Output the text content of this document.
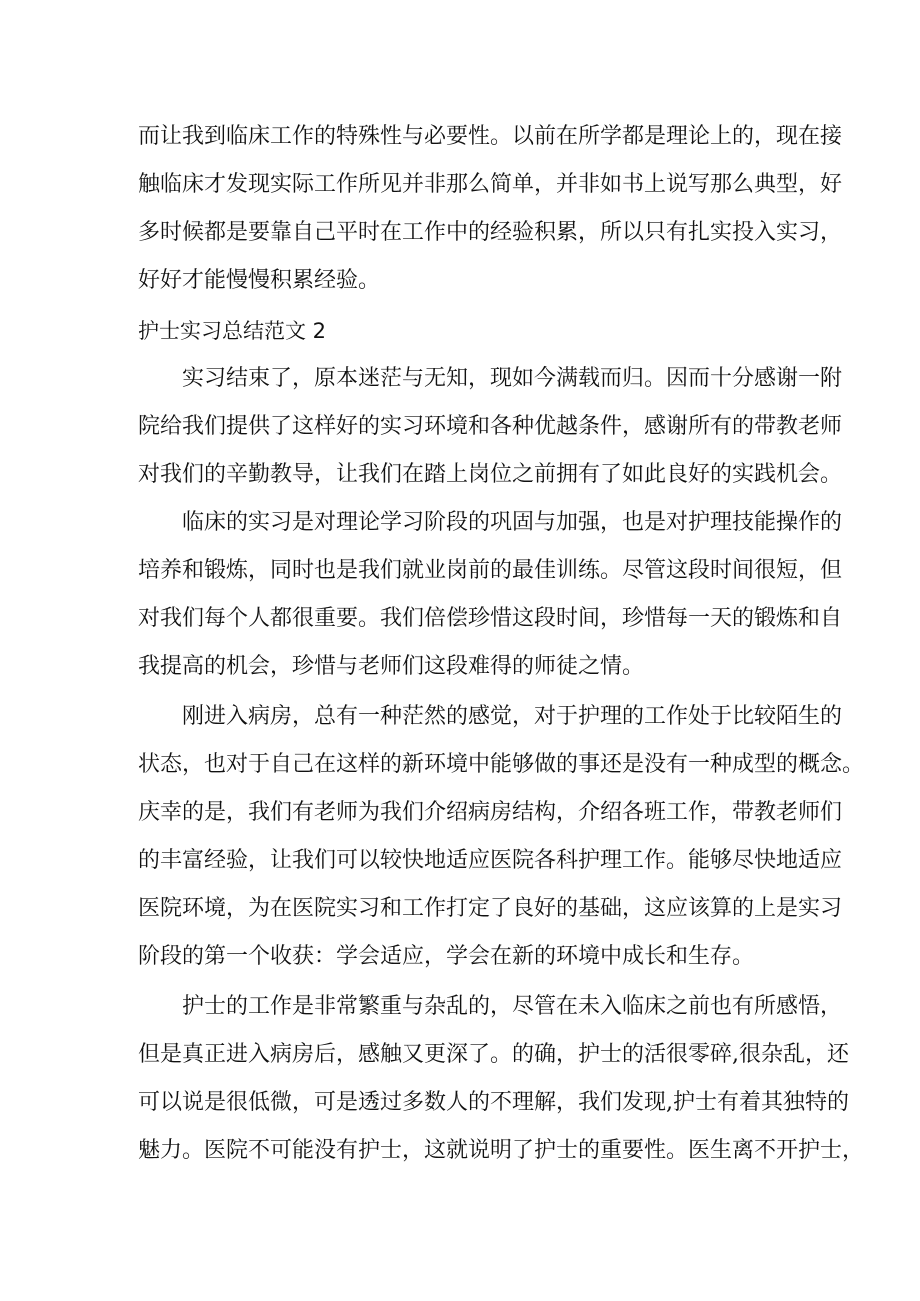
而让我到临床工作的特殊性与必要性。以前在所学都是理论上的，现在接
触临床才发现实际工作所见并非那么简单，并非如书上说写那么典型，好
多时候都是要靠自己平时在工作中的经验积累，所以只有扎实投入实习，
好好才能慢慢积累经验。
护士实习总结范文 2
实习结束了，原本迷茫与无知，现如今满载而归。因而十分感谢一附
院给我们提供了这样好的实习环境和各种优越条件，感谢所有的带教老师
对我们的辛勤教导，让我们在踏上岗位之前拥有了如此良好的实践机会。
临床的实习是对理论学习阶段的巩固与加强，也是对护理技能操作的
培养和锻炼，同时也是我们就业岗前的最佳训练。尽管这段时间很短，但
对我们每个人都很重要。我们倍偿珍惜这段时间，珍惜每一天的锻炼和自
我提高的机会，珍惜与老师们这段难得的师徒之情。
刚进入病房，总有一种茫然的感觉，对于护理的工作处于比较陌生的
状态，也对于自己在这样的新环境中能够做的事还是没有一种成型的概念。
庆幸的是，我们有老师为我们介绍病房结构，介绍各班工作，带教老师们
的丰富经验，让我们可以较快地适应医院各科护理工作。能够尽快地适应
医院环境，为在医院实习和工作打定了良好的基础，这应该算的上是实习
阶段的第一个收获：学会适应，学会在新的环境中成长和生存。
护士的工作是非常繁重与杂乱的，尽管在未入临床之前也有所感悟，
但是真正进入病房后，感触又更深了。的确，护士的活很零碎,很杂乱，还
可以说是很低微，可是透过多数人的不理解，我们发现,护士有着其独特的
魅力。医院不可能没有护士，这就说明了护士的重要性。医生离不开护士，
